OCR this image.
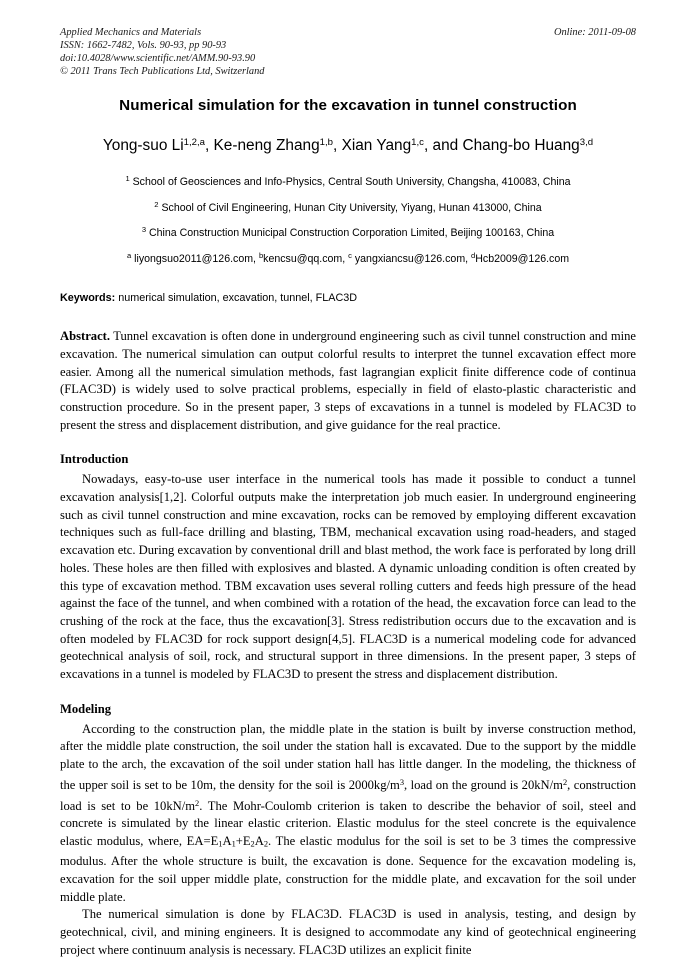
Applied Mechanics and Materials
ISSN: 1662-7482, Vols. 90-93, pp 90-93
doi:10.4028/www.scientific.net/AMM.90-93.90
© 2011 Trans Tech Publications Ltd, Switzerland
Online: 2011-09-08
Numerical simulation for the excavation in tunnel construction
Yong-suo Li$^{1,2,a}$, Ke-neng Zhang$^{1,b}$, Xian Yang$^{1,c}$, and Chang-bo Huang$^{3,d}$
$^1$ School of Geosciences and Info-Physics, Central South University, Changsha, 410083, China
$^2$ School of Civil Engineering, Hunan City University, Yiyang, Hunan 413000, China
$^3$ China Construction Municipal Construction Corporation Limited, Beijing 100163, China
$^a$ liyongsuo2011@126.com, $^b$kencsu@qq.com, $^c$ yangxiancsu@126.com, $^d$Hcb2009@126.com
Keywords: numerical simulation, excavation, tunnel, FLAC3D
Abstract. Tunnel excavation is often done in underground engineering such as civil tunnel construction and mine excavation. The numerical simulation can output colorful results to interpret the tunnel excavation effect more easier. Among all the numerical simulation methods, fast lagrangian explicit finite difference code of continua (FLAC3D) is widely used to solve practical problems, especially in field of elasto-plastic characteristic and construction procedure. So in the present paper, 3 steps of excavations in a tunnel is modeled by FLAC3D to present the stress and displacement distribution, and give guidance for the real practice.
Introduction

Nowadays, easy-to-use user interface in the numerical tools has made it possible to conduct a tunnel excavation analysis[1,2]. Colorful outputs make the interpretation job much easier. In underground engineering such as civil tunnel construction and mine excavation, rocks can be removed by employing different excavation techniques such as full-face drilling and blasting, TBM, mechanical excavation using road-headers, and staged excavation etc. During excavation by conventional drill and blast method, the work face is perforated by long drill holes. These holes are then filled with explosives and blasted. A dynamic unloading condition is often created by this type of excavation method. TBM excavation uses several rolling cutters and feeds high pressure of the head against the face of the tunnel, and when combined with a rotation of the head, the excavation force can lead to the crushing of the rock at the face, thus the excavation[3]. Stress redistribution occurs due to the excavation and is often modeled by FLAC3D for rock support design[4,5]. FLAC3D is a numerical modeling code for advanced geotechnical analysis of soil, rock, and structural support in three dimensions. In the present paper, 3 steps of excavations in a tunnel is modeled by FLAC3D to present the stress and displacement distribution.

Modeling

According to the construction plan, the middle plate in the station is built by inverse construction method, after the middle plate construction, the soil under the station hall is excavated. Due to the support by the middle plate to the arch, the excavation of the soil under station hall has little danger. In the modeling, the thickness of the upper soil is set to be 10m, the density for the soil is $2000kg/m^3$, load on the ground is $20kN/m^2$, construction load is set to be $10kN/m^2$. The Mohr-Coulomb criterion is taken to describe the behavior of soil, steel and concrete is simulated by the linear elastic criterion. Elastic modulus for the steel concrete is the equivalence elastic modulus, where, $EA=E_1A_1+E_2A_2$. The elastic modulus for the soil is set to be 3 times the compressive modulus. After the whole structure is built, the excavation is done. Sequence for the excavation modeling is, excavation for the soil upper middle plate, construction for the middle plate, and excavation for the soil under middle plate.

The numerical simulation is done by FLAC3D. FLAC3D is used in analysis, testing, and design by geotechnical, civil, and mining engineers. It is designed to accommodate any kind of geotechnical engineering project where continuum analysis is necessary. FLAC3D utilizes an explicit finite
